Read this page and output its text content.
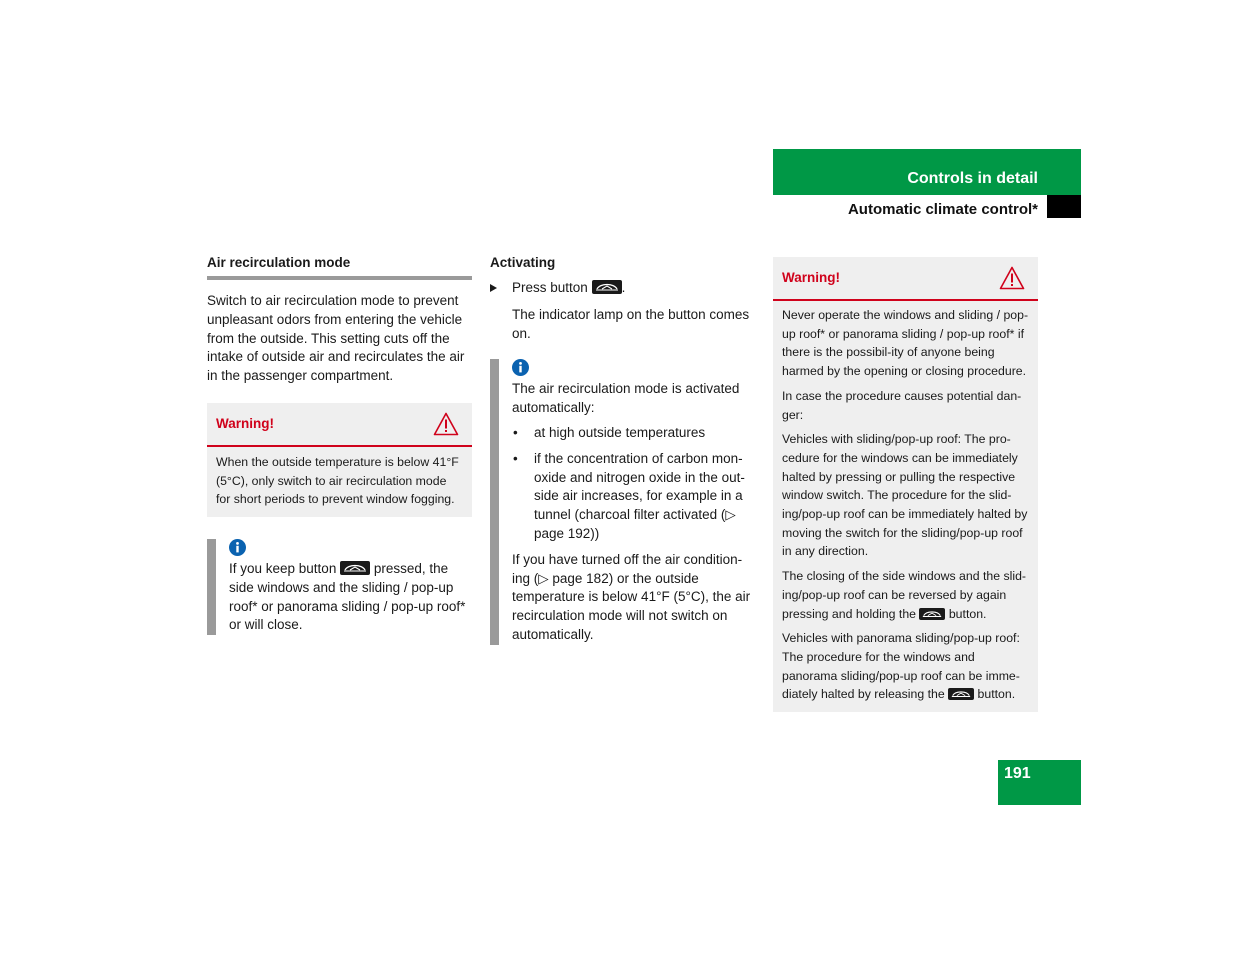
Controls in detail
Automatic climate control*
Air recirculation mode
Switch to air recirculation mode to prevent unpleasant odors from entering the vehicle from the outside. This setting cuts off the intake of outside air and recirculates the air in the passenger compartment.
Warning!
When the outside temperature is below 41°F (5°C), only switch to air recirculation mode for short periods to prevent window fogging.
If you keep button	pressed, the side windows and the sliding / pop-up roof* or panorama sliding / pop-up roof* or will close.
Activating
Press button	.
The indicator lamp on the button comes on.
The air recirculation mode is activated automatically:
• at high outside temperatures
• if the concentration of carbon mon-oxide and nitrogen oxide in the out-side air increases, for example in a tunnel (charcoal filter activated (▷ page 192))
If you have turned off the air condition-ing (▷ page 182) or the outside temperature is below 41°F (5°C), the air recirculation mode will not switch on automatically.
Warning!

Never operate the windows and sliding / pop-up roof* or panorama sliding / pop-up roof* if there is the possibil-ity of anyone being harmed by the opening or closing procedure.

In case the procedure causes potential dan-ger:

Vehicles with sliding/pop-up roof: The pro-cedure for the windows can be immediately halted by pressing or pulling the respective window switch. The procedure for the slid-ing/pop-up roof can be immediately halted by moving the switch for the sliding/pop-up roof in any direction.

The closing of the side windows and the slid-ing/pop-up roof can be reversed by again pressing and holding the	button.

Vehicles with panorama sliding/pop-up roof: The procedure for the windows and panorama sliding/pop-up roof can be imme-diately halted by releasing the	button.

191
